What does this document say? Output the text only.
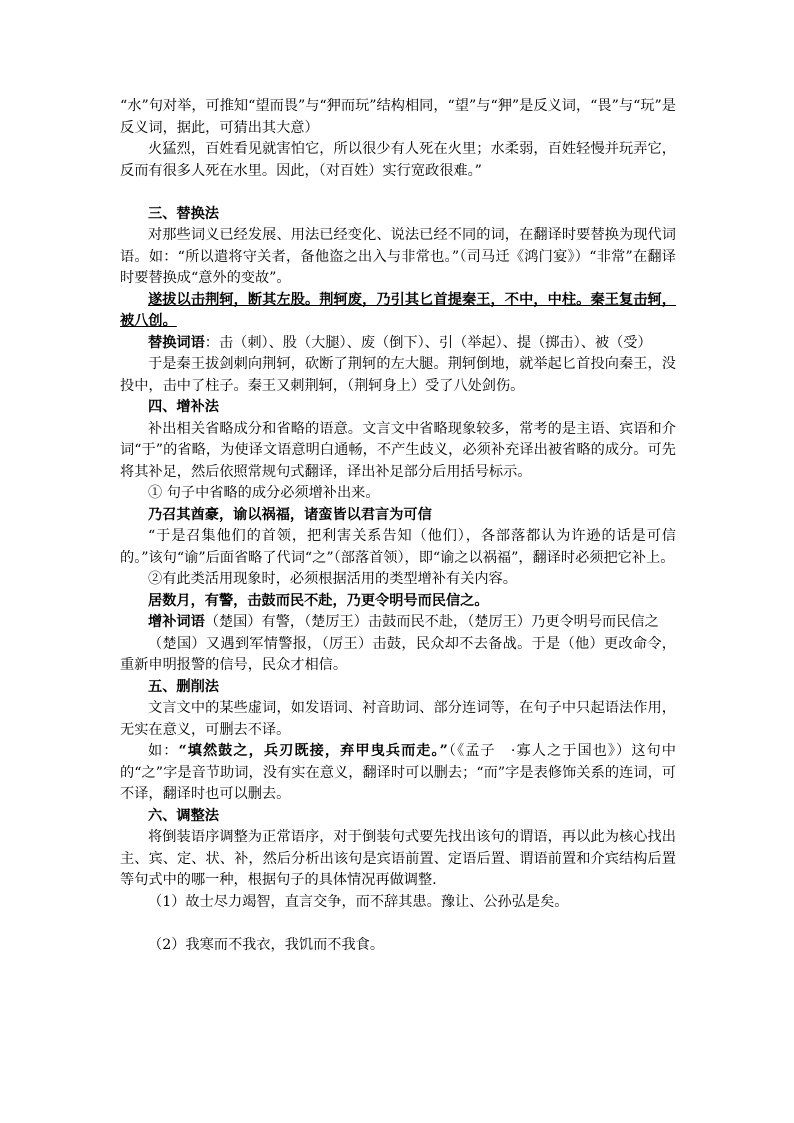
“水”句对举，可推知“望而畏”与“狎而玩”结构相同，“望”与“狎”是反义词，“畏”与“玩”是反义词，据此，可猜出其大意）

火猛烈，百姓看见就害怕它，所以很少有人死在火里；水柔弱，百姓轻慢并玩弄它，反而有很多人死在水里。因此，（对百姓）实行宽政很难。”

三、替换法

对那些词义已经发展、用法已经变化、说法已经不同的词，在翻译时要替换为现代词语。如：“所以遣将守关者，备他盗之出入与非常也。”（司马迁《鸿门宴》）“非常”在翻译时要替换成“意外的变故”。

遂拔以击荆轲，断其左股。荆轲废，乃引其匕首提秦王，不中，中柱。秦王复击轲，被八创。

替换词语：击（刺）、股（大腿）、废（倒下）、引（举起）、提（掷击）、被（受）

于是秦王拔剑刺向荆轲，砍断了荆轲的左大腿。荆轲倒地，就举起匕首投向秦王，没投中，击中了柱子。秦王又刺荆轲，（荆轲身上）受了八处剑伤。

四、增补法

补出相关省略成分和省略的语意。文言文中省略现象较多，常考的是主语、宾语和介词“于”的省略，为使译文语意明白通畅，不产生歧义，必须补充译出被省略的成分。可先将其补足，然后依照常规句式翻译，译出补足部分后用括号标示。

① 句子中省略的成分必须增补出来。

乃召其酋豪，谕以祸福，诸蛮皆以君言为可信

“于是召集他们的首领，把利害关系告知（他们），各部落都认为许逊的话是可信的。”该句“谕”后面省略了代词“之”（部落首领），即“谕之以祸福”，翻译时必须把它补上。

②有此类活用现象时，必须根据活用的类型增补有关内容。

居数月，有警，击鼓而民不赴，乃更令明号而民信之。

增补词语（楚国）有警，（楚厉王）击鼓而民不赴，（楚厉王）乃更令明号而民信之

（楚国）又遇到军情警报，（厉王）击鼓，民众却不去备战。于是（他）更改命令，重新申明报警的信号，民众才相信。

五、删削法

文言文中的某些虚词，如发语词、衬音助词、部分连词等，在句子中只起语法作用，无实在意义，可删去不译。

如：“填然鼓之，兵刃既接，弃甲曳兵而走。”（《孟子　·寡人之于国也》）这句中的“之”字是音节助词，没有实在意义，翻译时可以删去；“而”字是表修饰关系的连词，可不译，翻译时也可以删去。

六、调整法

将倒装语序调整为正常语序，对于倒装句式要先找出该句的谓语，再以此为核心找出主、宾、定、状、补，然后分析出该句是宾语前置、定语后置、谓语前置和介宾结构后置等句式中的哪一种，根据句子的具体情况再做调整.

（1）故士尽力竭智，直言交争，而不辞其患。豫让、公孙弘是矣。

（2）我寒而不我衣，我饥而不我食。
